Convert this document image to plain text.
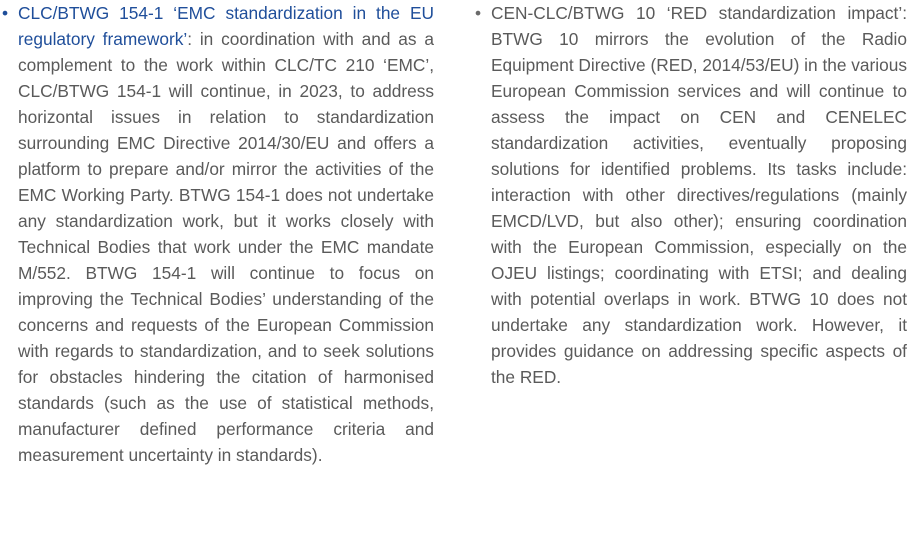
• CLC/BTWG 154-1 ‘EMC standardization in the EU regulatory framework’: in coordination with and as a complement to the work within CLC/TC 210 ‘EMC’, CLC/BTWG 154-1 will continue, in 2023, to address horizontal issues in relation to standardization surrounding EMC Directive 2014/30/EU and offers a platform to prepare and/or mirror the activities of the EMC Working Party. BTWG 154-1 does not undertake any standardization work, but it works closely with Technical Bodies that work under the EMC mandate M/552. BTWG 154-1 will continue to focus on improving the Technical Bodies’ understanding of the concerns and requests of the European Commission with regards to standardization, and to seek solutions for obstacles hindering the citation of harmonised standards (such as the use of statistical methods, manufacturer defined performance criteria and measurement uncertainty in standards).

• CEN-CLC/BTWG 10 ‘RED standardization impact’: BTWG 10 mirrors the evolution of the Radio Equipment Directive (RED, 2014/53/EU) in the various European Commission services and will continue to assess the impact on CEN and CENELEC standardization activities, eventually proposing solutions for identified problems. Its tasks include: interaction with other directives/regulations (mainly EMCD/LVD, but also other); ensuring coordination with the European Commission, especially on the OJEU listings; coordinating with ETSI; and dealing with potential overlaps in work. BTWG 10 does not undertake any standardization work. However, it provides guidance on addressing specific aspects of the RED.
